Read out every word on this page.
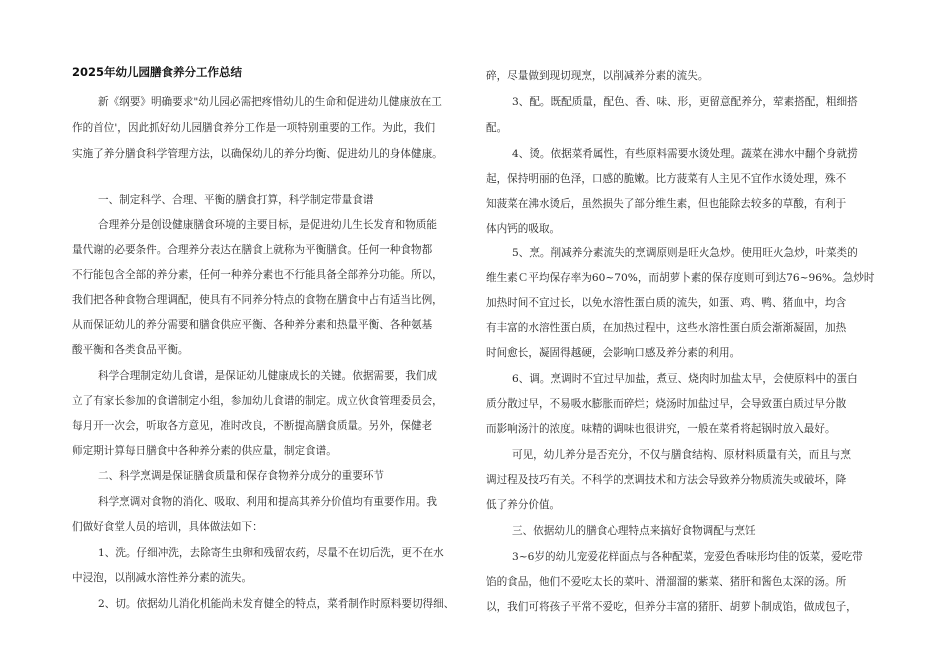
2025年幼儿园膳食养分工作总结
新《纲要》明确要求"幼儿园必需把疼惜幼儿的生命和促进幼儿健康放在工
作的首位'，因此抓好幼儿园膳食养分工作是一项特别重要的工作。为此，我们
实施了养分膳食科学管理方法，以确保幼儿的养分均衡、促进幼儿的身体健康。
一、制定科学、合理、平衡的膳食打算，科学制定带量食谱
合理养分是创设健康膳食环境的主要目标，是促进幼儿生长发育和物质能
量代谢的必要条件。合理养分表达在膳食上就称为平衡膳食。任何一种食物都
不行能包含全部的养分素，任何一种养分素也不行能具备全部养分功能。所以，
我们把各种食物合理调配，使具有不同养分特点的食物在膳食中占有适当比例，
从而保证幼儿的养分需要和膳食供应平衡、各种养分素和热量平衡、各种氨基
酸平衡和各类食品平衡。
科学合理制定幼儿食谱，是保证幼儿健康成长的关键。依据需要，我们成
立了有家长参加的食谱制定小组，参加幼儿食谱的制定。成立伙食管理委员会，
每月开一次会，听取各方意见，准时改良，不断提高膳食质量。另外，保健老
师定期计算每日膳食中各种养分素的供应量，制定食谱。
二、科学烹调是保证膳食质量和保存食物养分成分的重要环节
科学烹调对食物的消化、吸取、利用和提高其养分价值均有重要作用。我
们做好食堂人员的培训，具体做法如下：
1、洗。仔细冲洗，去除寄生虫卵和残留农药，尽量不在切后洗，更不在水
中浸泡，以削减水溶性养分素的流失。
2、切。依据幼儿消化机能尚未发育健全的特点，菜肴制作时原料要切得细、
碎，尽量做到现切现烹，以削减养分素的流失。
3、配。既配质量，配色、香、味、形，更留意配养分，荤素搭配，粗细搭
配。
4、烫。依据菜肴属性，有些原料需要水烫处理。蔬菜在沸水中翻个身就捞
起，保持明丽的色泽，口感的脆嫩。比方菠菜有人主见不宜作水烫处理，殊不
知菠菜在沸水烫后，虽然损失了部分维生素，但也能除去较多的草酸，有利于
体内钙的吸取。
5、烹。削减养分素流失的烹调原则是旺火急炒。使用旺火急炒，叶菜类的
维生素Ｃ平均保存率为60~70%，而胡萝卜素的保存度则可到达76~96%。急炒时
加热时间不宜过长，以免水溶性蛋白质的流失，如蛋、鸡、鸭、猪血中，均含
有丰富的水溶性蛋白质，在加热过程中，这些水溶性蛋白质会渐渐凝固，加热
时间愈长，凝固得越硬，会影响口感及养分素的利用。
6、调。烹调时不宜过早加盐，煮豆、烧肉时加盐太早，会使原料中的蛋白
质分散过早，不易吸水膨胀而碎烂；烧汤时加盐过早，会导致蛋白质过早分散
而影响汤汁的浓度。味精的调味也很讲究，一般在菜肴将起锅时放入最好。
可见，幼儿养分是否充分，不仅与膳食结构、原材料质量有关，而且与烹
调过程及技巧有关。不科学的烹调技术和方法会导致养分物质流失或破坏，降
低了养分价值。
三、依据幼儿的膳食心理特点来搞好食物调配与烹饪
3~6岁的幼儿宠爱花样面点与各种配菜，宠爱色香味形均佳的饭菜，爱吃带
馅的食品，他们不爱吃太长的菜叶、滑溜溜的紫菜、猪肝和酱色太深的汤。所
以，我们可将孩子平常不爱吃，但养分丰富的猪肝、胡萝卜制成馅，做成包子，
